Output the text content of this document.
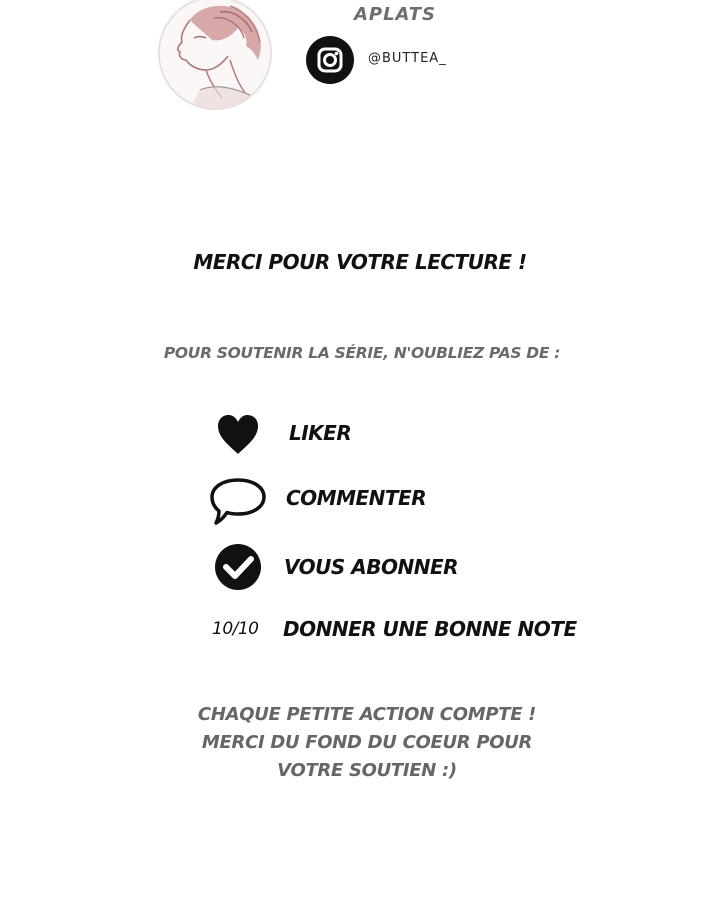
APLATS
@BUTTEA_
MERCI POUR VOTRE LECTURE !
POUR SOUTENIR LA SÉRIE, N'OUBLIEZ PAS DE :
LIKER
COMMENTER
VOUS ABONNER
10/10 DONNER UNE BONNE NOTE
CHAQUE PETITE ACTION COMPTE !
MERCI DU FOND DU COEUR POUR
VOTRE SOUTIEN :)
